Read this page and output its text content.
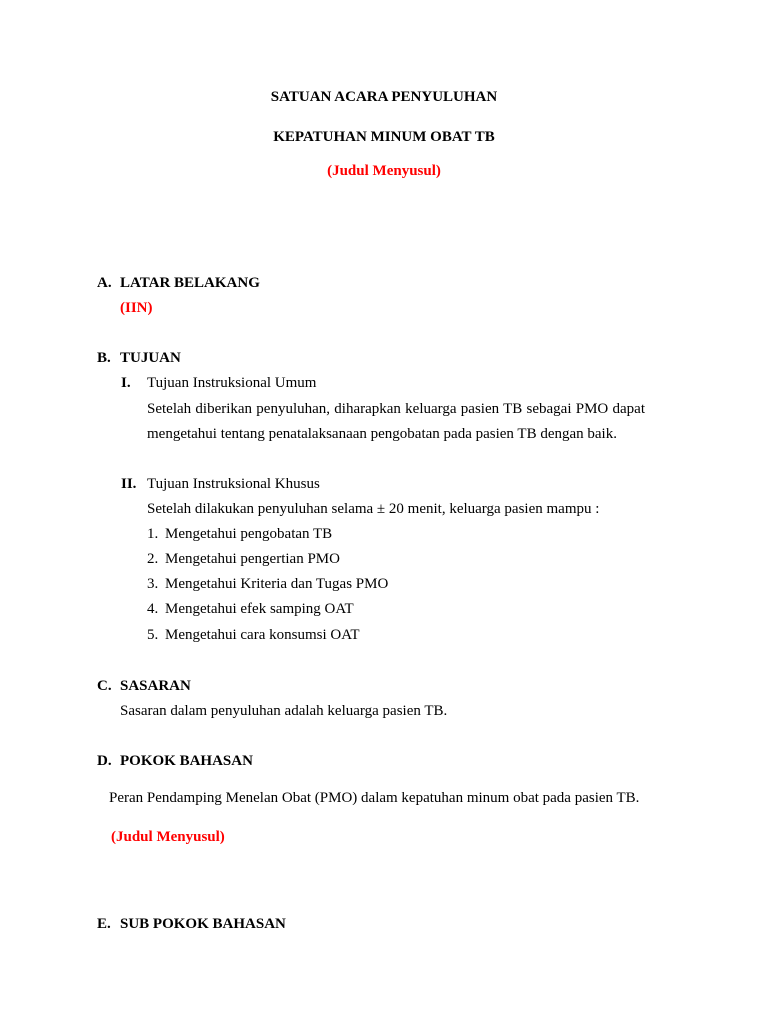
SATUAN ACARA PENYULUHAN
KEPATUHAN MINUM OBAT TB
(Judul Menyusul)
A. LATAR BELAKANG
(IIN)
B. TUJUAN
I. Tujuan Instruksional Umum
Setelah diberikan penyuluhan, diharapkan keluarga pasien TB sebagai PMO dapat
mengetahui tentang penatalaksanaan pengobatan pada pasien TB dengan baik.
II. Tujuan Instruksional Khusus
Setelah dilakukan penyuluhan selama ± 20 menit, keluarga pasien mampu :
1. Mengetahui pengobatan TB
2. Mengetahui pengertian PMO
3. Mengetahui Kriteria dan Tugas PMO
4. Mengetahui efek samping OAT
5. Mengetahui cara konsumsi OAT
C. SASARAN
Sasaran dalam penyuluhan adalah keluarga pasien TB.
D. POKOK BAHASAN
Peran Pendamping Menelan Obat (PMO) dalam kepatuhan minum obat pada pasien TB.
(Judul Menyusul)
E. SUB POKOK BAHASAN
